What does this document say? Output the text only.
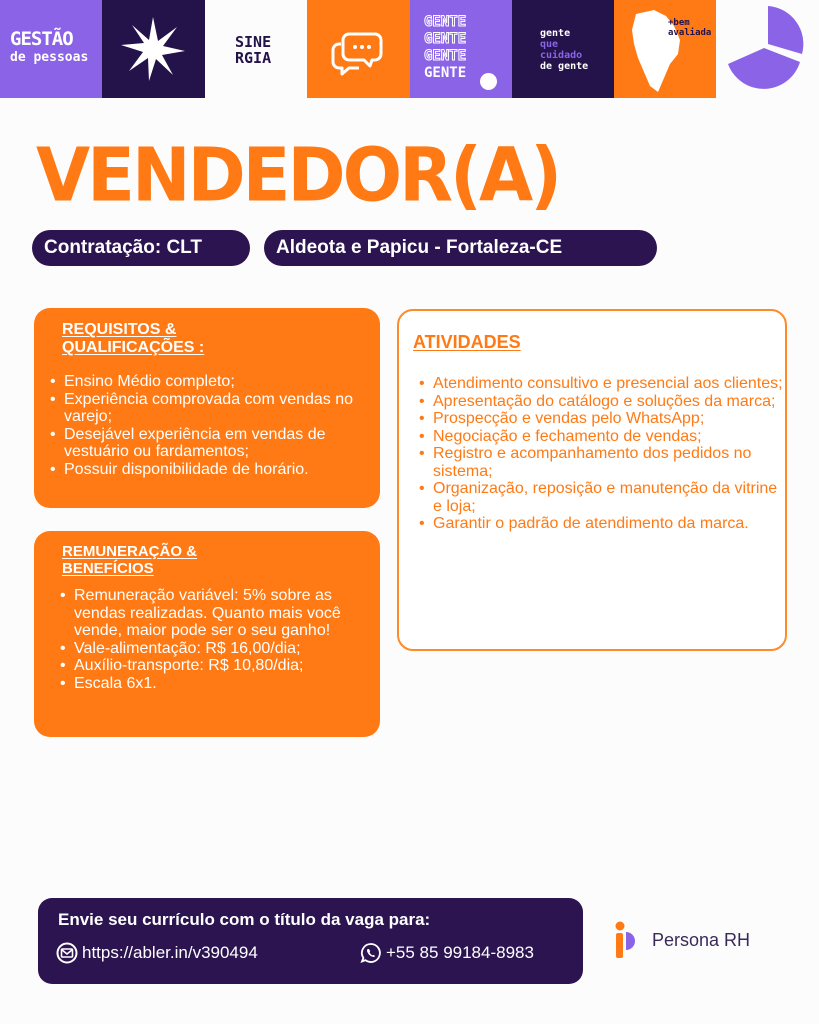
GESTÃO
de pessoas
SINE
RGIA
GENTE
GENTE
GENTE
GENTE
gente
que
cuidado
de gente
+bem
avaliada
VENDEDOR(A)
Contratação: CLT	Aldeota e Papicu - Fortaleza-CE
REQUISITOS & QUALIFICAÇÕES :
• Ensino Médio completo;
• Experiência comprovada com vendas no varejo;
• Desejável experiência em vendas de vestuário ou fardamentos;
• Possuir disponibilidade de horário.
REMUNERAÇÃO & BENEFÍCIOS
• Remuneração variável: 5% sobre as vendas realizadas. Quanto mais você vende, maior pode ser o seu ganho!
• Vale-alimentação: R$ 16,00/dia;
• Auxílio-transporte: R$ 10,80/dia;
• Escala 6x1.
ATIVIDADES
• Atendimento consultivo e presencial aos clientes;
• Apresentação do catálogo e soluções da marca;
• Prospecção e vendas pelo WhatsApp;
• Negociação e fechamento de vendas;
• Registro e acompanhamento dos pedidos no sistema;
• Organização, reposição e manutenção da vitrine e loja;
• Garantir o padrão de atendimento da marca.
Envie seu currículo com o título da vaga para:
https://abler.in/v390494	+55 85 99184-8983
Persona RH
